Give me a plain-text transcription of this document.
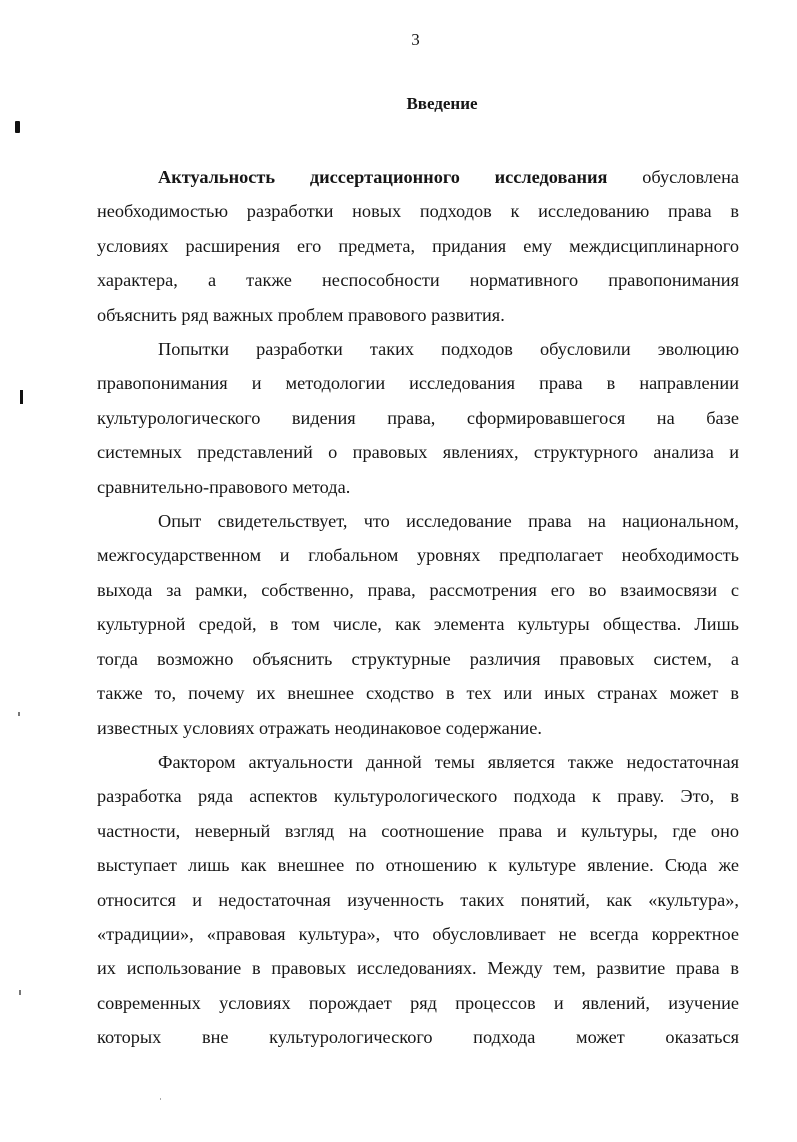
3
Введение

Актуальность диссертационного исследования обусловлена
необходимостью разработки новых подходов к исследованию права в
условиях расширения его предмета, придания ему междисциплинарного
характера, а также неспособности нормативного правопонимания
объяснить ряд важных проблем правового развития.

Попытки разработки таких подходов обусловили эволюцию
правопонимания и методологии исследования права в направлении
культурологического видения права, сформировавшегося на базе
системных представлений о правовых явлениях, структурного анализа и
сравнительно-правового метода.

Опыт свидетельствует, что исследование права на национальном,
межгосударственном и глобальном уровнях предполагает необходимость
выхода за рамки, собственно, права, рассмотрения его во взаимосвязи с
культурной средой, в том числе, как элемента культуры общества. Лишь
тогда возможно объяснить структурные различия правовых систем, а
также то, почему их внешнее сходство в тех или иных странах может в
известных условиях отражать неодинаковое содержание.

Фактором актуальности данной темы является также недостаточная
разработка ряда аспектов культурологического подхода к праву. Это, в
частности, неверный взгляд на соотношение права и культуры, где оно
выступает лишь как внешнее по отношению к культуре явление. Сюда же
относится и недостаточная изученность таких понятий, как «культура»,
«традиции», «правовая культура», что обусловливает не всегда корректное
их использование в правовых исследованиях. Между тем, развитие права в
современных условиях порождает ряд процессов и явлений, изучение
которых вне культурологического подхода может оказаться
